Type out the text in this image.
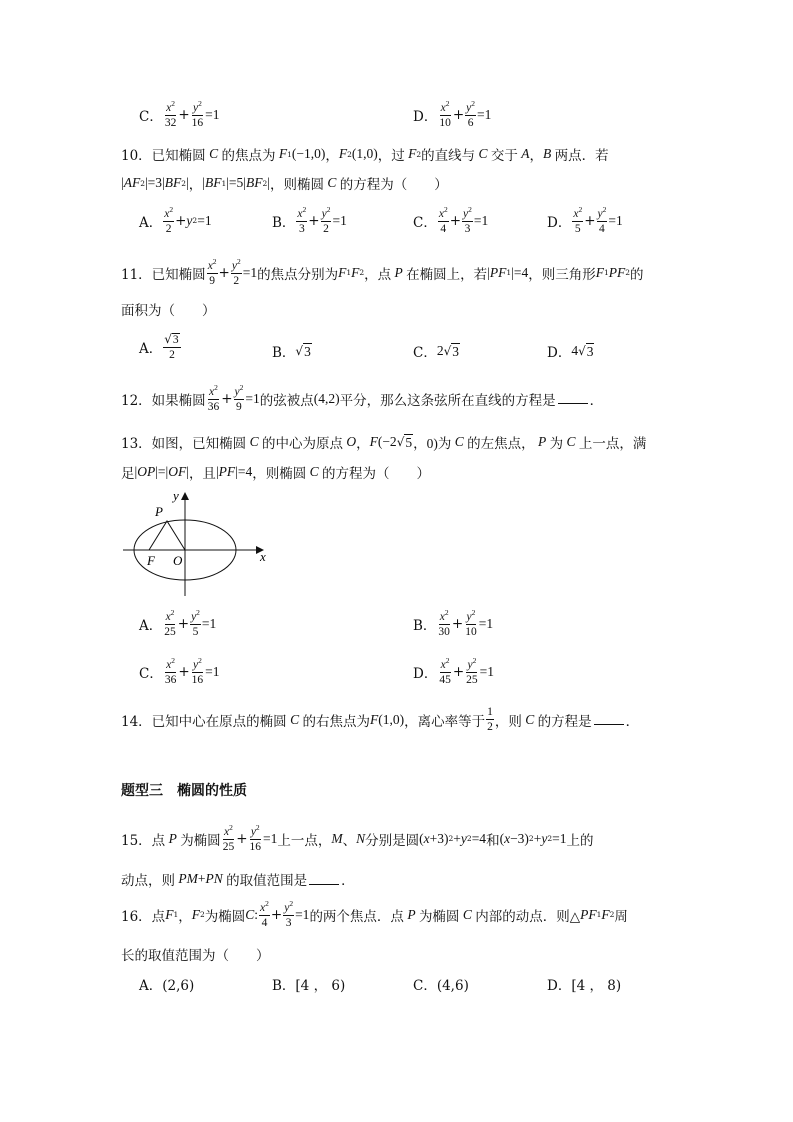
C． $\frac{x^2}{32} + \frac{y^2}{16} =1$	D． $\frac{x^2}{10} + \frac{y^2}{6} =1$
10．已知椭圆 C 的焦点为 F 1 (−1,0) ， F 2 (1,0) ，过 F 2 的直线与 C 交于 A ， B 两点．若
| AF 2 |=3| BF 2 | ， | BF 1 |=5| BF 2 | ，则椭圆 C 的方程为（　　）
A． $\frac{x^2}{2} + y$ 2 =1	B． $\frac{x^2}{3} + \frac{y^2}{2} =1$	C． $\frac{x^2}{4} + \frac{y^2}{3} =1$	D． $\frac{x^2}{5} + \frac{y^2}{4} =1$
11．已知椭圆 $\frac{x^2}{9} + \frac{y^2}{2} =1$ 的焦点分别为 F 1 F 2 ，点 P 在椭圆上，若 | PF 1 |=4 ，则三角形 F 1 PF 2 的
面积为（　　）
A． $\frac{√3}{2}$	B． √ 3	C． 2 √ 3	D． 4 √ 3
12．如果椭圆 $\frac{x^2}{36} + \frac{y^2}{9} =1$ 的弦被点 (4,2) 平分，那么这条弦所在直线的方程是	．
13．如图，已知椭圆 C 的中心为原点 O ， F (−2 √ 5 ，0) 为 C 的左焦点， P 为 C 上一点，满
足 | OP |=| OF | ，且 | PF |=4 ，则椭圆 C 的方程为（　　）
P
F O	x
y
A． $\frac{x^2}{25} + \frac{y^2}{5} =1$	B． $\frac{x^2}{30} + \frac{y^2}{10} =1$
C． $\frac{x^2}{36} + \frac{y^2}{16} =1$	D． $\frac{x^2}{45} + \frac{y^2}{25} =1$
14．已知中心在原点的椭圆 C 的右焦点为 F (1,0) ，离心率等于 $\frac{1}{2}$ ，则 C 的方程是	．
题型三　椭圆的性质
15．点 P 为椭圆 $\frac{x^2}{25} + \frac{y^2}{16} =1$ 上一点， M 、 N 分别是圆 ( x +3) 2 + y 2 =4 和 ( x −3) 2 + y 2 =1 上的
动点，则 PM + PN 的取值范围是	．
16．点 F 1 ， F 2 为椭圆 C : $\frac{x^2}{4} + \frac{y^2}{3} =1$ 的两个焦点．点 P 为椭圆 C 内部的动点．则△ PF 1 F 2 周
长的取值范围为（　　）
A．(2,6)	B．[4 ， 6)	C．(4,6)	D．[4 ， 8)
